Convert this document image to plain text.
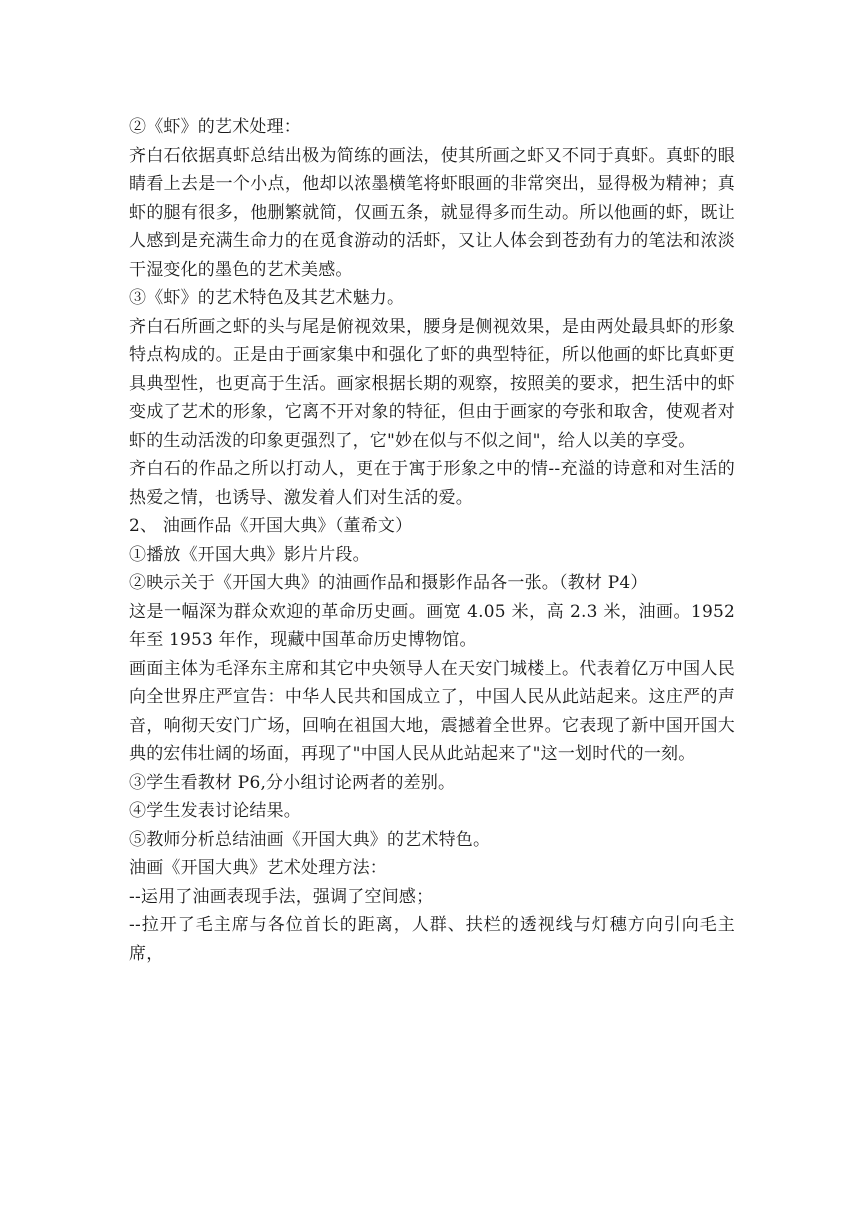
②《虾》的艺术处理：

齐白石依据真虾总结出极为简练的画法，使其所画之虾又不同于真虾。真虾的眼睛看上去是一个小点，他却以浓墨横笔将虾眼画的非常突出，显得极为精神；真虾的腿有很多，他删繁就简，仅画五条，就显得多而生动。所以他画的虾，既让人感到是充满生命力的在觅食游动的活虾，又让人体会到苍劲有力的笔法和浓淡干湿变化的墨色的艺术美感。

③《虾》的艺术特色及其艺术魅力。

齐白石所画之虾的头与尾是俯视效果，腰身是侧视效果，是由两处最具虾的形象特点构成的。正是由于画家集中和强化了虾的典型特征，所以他画的虾比真虾更具典型性，也更高于生活。画家根据长期的观察，按照美的要求，把生活中的虾变成了艺术的形象，它离不开对象的特征，但由于画家的夸张和取舍，使观者对虾的生动活泼的印象更强烈了，它"妙在似与不似之间"，给人以美的享受。

齐白石的作品之所以打动人，更在于寓于形象之中的情--充溢的诗意和对生活的热爱之情，也诱导、激发着人们对生活的爱。

2、 油画作品《开国大典》（董希文）

①播放《开国大典》影片片段。

②映示关于《开国大典》的油画作品和摄影作品各一张。（教材 P4）

这是一幅深为群众欢迎的革命历史画。画宽 4.05 米，高 2.3 米，油画。1952 年至 1953 年作，现藏中国革命历史博物馆。

画面主体为毛泽东主席和其它中央领导人在天安门城楼上。代表着亿万中国人民向全世界庄严宣告：中华人民共和国成立了，中国人民从此站起来。这庄严的声音，响彻天安门广场，回响在祖国大地，震撼着全世界。它表现了新中国开国大典的宏伟壮阔的场面，再现了"中国人民从此站起来了"这一划时代的一刻。

③学生看教材 P6,分小组讨论两者的差别。

④学生发表讨论结果。

⑤教师分析总结油画《开国大典》的艺术特色。

油画《开国大典》艺术处理方法：

--运用了油画表现手法，强调了空间感；

--拉开了毛主席与各位首长的距离，人群、扶栏的透视线与灯穗方向引向毛主席，
